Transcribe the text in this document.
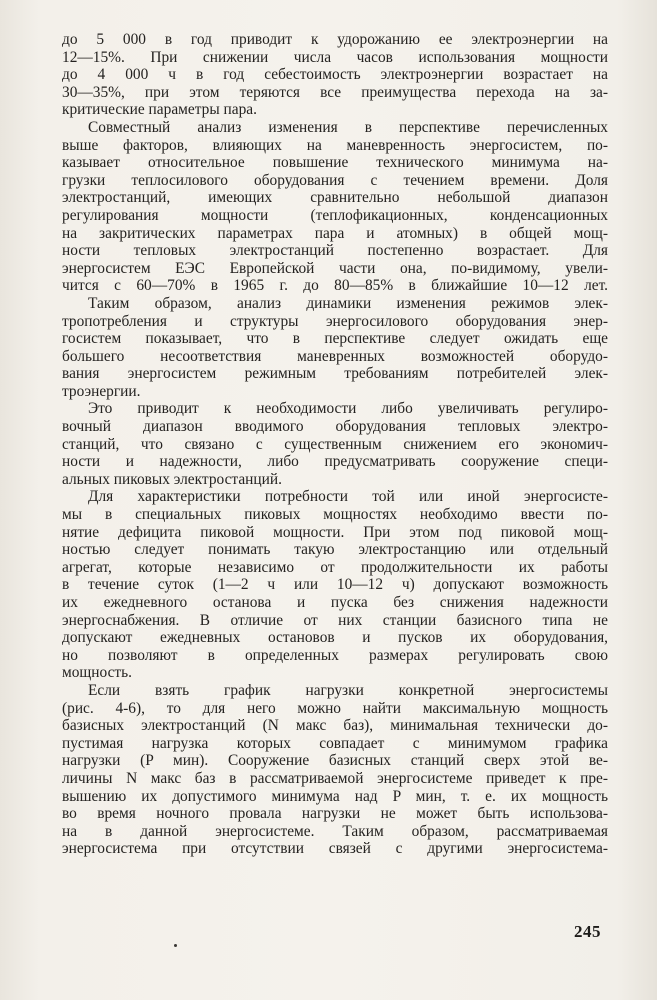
до 5 000 в год приводит к удорожанию ее электроэнергии на
12—15%. При снижении числа часов использования мощности
до 4 000 ч в год себестоимость электроэнергии возрастает на
30—35%, при этом теряются все преимущества перехода на за-
критические параметры пара.
Совместный анализ изменения в перспективе перечисленных
выше факторов, влияющих на маневренность энергосистем, по-
казывает относительное повышение технического минимума на-
грузки теплосилового оборудования с течением времени. Доля
электростанций, имеющих сравнительно небольшой диапазон
регулирования мощности (теплофикационных, конденсационных
на закритических параметрах пара и атомных) в общей мощ-
ности тепловых электростанций постепенно возрастает. Для
энергосистем ЕЭС Европейской части она, по-видимому, увели-
чится с 60—70% в 1965 г. до 80—85% в ближайшие 10—12 лет.
Таким образом, анализ динамики изменения режимов элек-
тропотребления и структуры энергосилового оборудования энер-
госистем показывает, что в перспективе следует ожидать еще
большего несоответствия маневренных возможностей оборудо-
вания энергосистем режимным требованиям потребителей элек-
троэнергии.
Это приводит к необходимости либо увеличивать регулиро-
вочный диапазон вводимого оборудования тепловых электро-
станций, что связано с существенным снижением его экономич-
ности и надежности, либо предусматривать сооружение специ-
альных пиковых электростанций.
Для характеристики потребности той или иной энергосисте-
мы в специальных пиковых мощностях необходимо ввести по-
нятие дефицита пиковой мощности. При этом под пиковой мощ-
ностью следует понимать такую электростанцию или отдельный
агрегат, которые независимо от продолжительности их работы
в течение суток (1—2 ч или 10—12 ч) допускают возможность
их ежедневного останова и пуска без снижения надежности
энергоснабжения. В отличие от них станции базисного типа не
допускают ежедневных остановов и пусков их оборудования,
но позволяют в определенных размерах регулировать свою
мощность.
Если взять график нагрузки конкретной энергосистемы
(рис. 4-6), то для него можно найти максимальную мощность
базисных электростанций (N макс баз), минимальная технически до-
пустимая нагрузка которых совпадает с минимумом графика
нагрузки (P мин). Сооружение базисных станций сверх этой ве-
личины N макс баз в рассматриваемой энергосистеме приведет к пре-
вышению их допустимого минимума над P мин, т. е. их мощность
во время ночного провала нагрузки не может быть использова-
на в данной энергосистеме. Таким образом, рассматриваемая
энергосистема при отсутствии связей с другими энергосистема-
245
